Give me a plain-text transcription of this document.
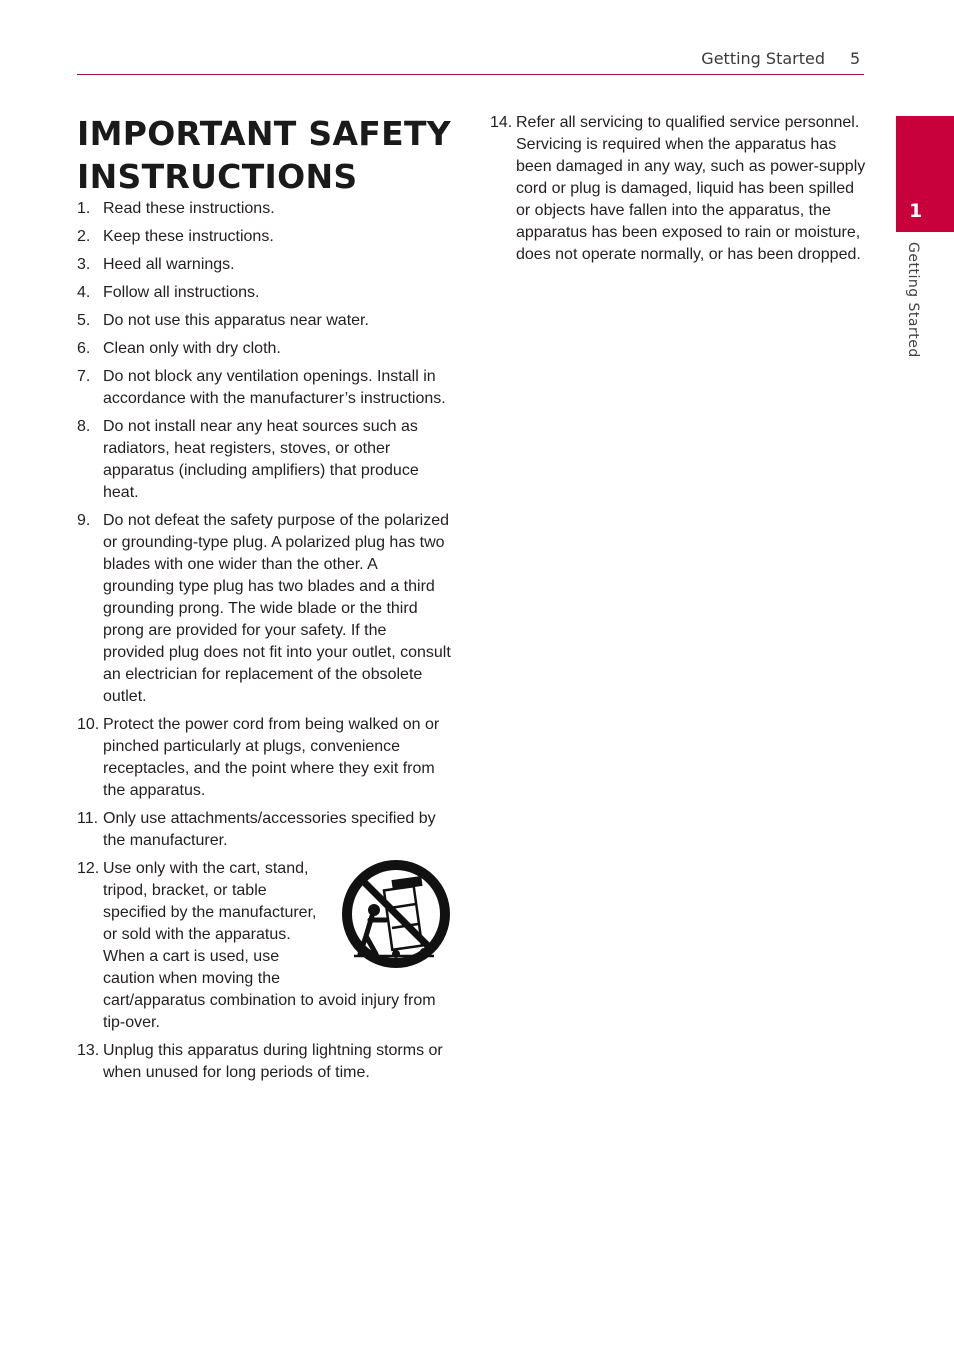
Getting Started 5
1
Getting Started
IMPORTANT SAFETY INSTRUCTIONS
1. Read these instructions.
2. Keep these instructions.
3. Heed all warnings.
4. Follow all instructions.
5. Do not use this apparatus near water.
6. Clean only with dry cloth.
7. Do not block any ventilation openings. Install in accordance with the manufacturer’s instructions.
8. Do not install near any heat sources such as radiators, heat registers, stoves, or other apparatus (including amplifiers) that produce heat.
9. Do not defeat the safety purpose of the polarized or grounding-type plug. A polarized plug has two blades with one wider than the other. A grounding type plug has two blades and a third grounding prong. The wide blade or the third prong are provided for your safety. If the provided plug does not fit into your outlet, consult an electrician for replacement of the obsolete outlet.
10. Protect the power cord from being walked on or pinched particularly at plugs, convenience receptacles, and the point where they exit from the apparatus.
11. Only use attachments/accessories specified by the manufacturer.
12. Use only with the cart, stand, tripod, bracket, or table specified by the manufacturer, or sold with the apparatus. When a cart is used, use caution when moving the cart/apparatus combination to avoid injury from tip-over.
13. Unplug this apparatus during lightning storms or when unused for long periods of time.
14. Refer all servicing to qualified service personnel. Servicing is required when the apparatus has been damaged in any way, such as power-supply cord or plug is damaged, liquid has been spilled or objects have fallen into the apparatus, the apparatus has been exposed to rain or moisture, does not operate normally, or has been dropped.
